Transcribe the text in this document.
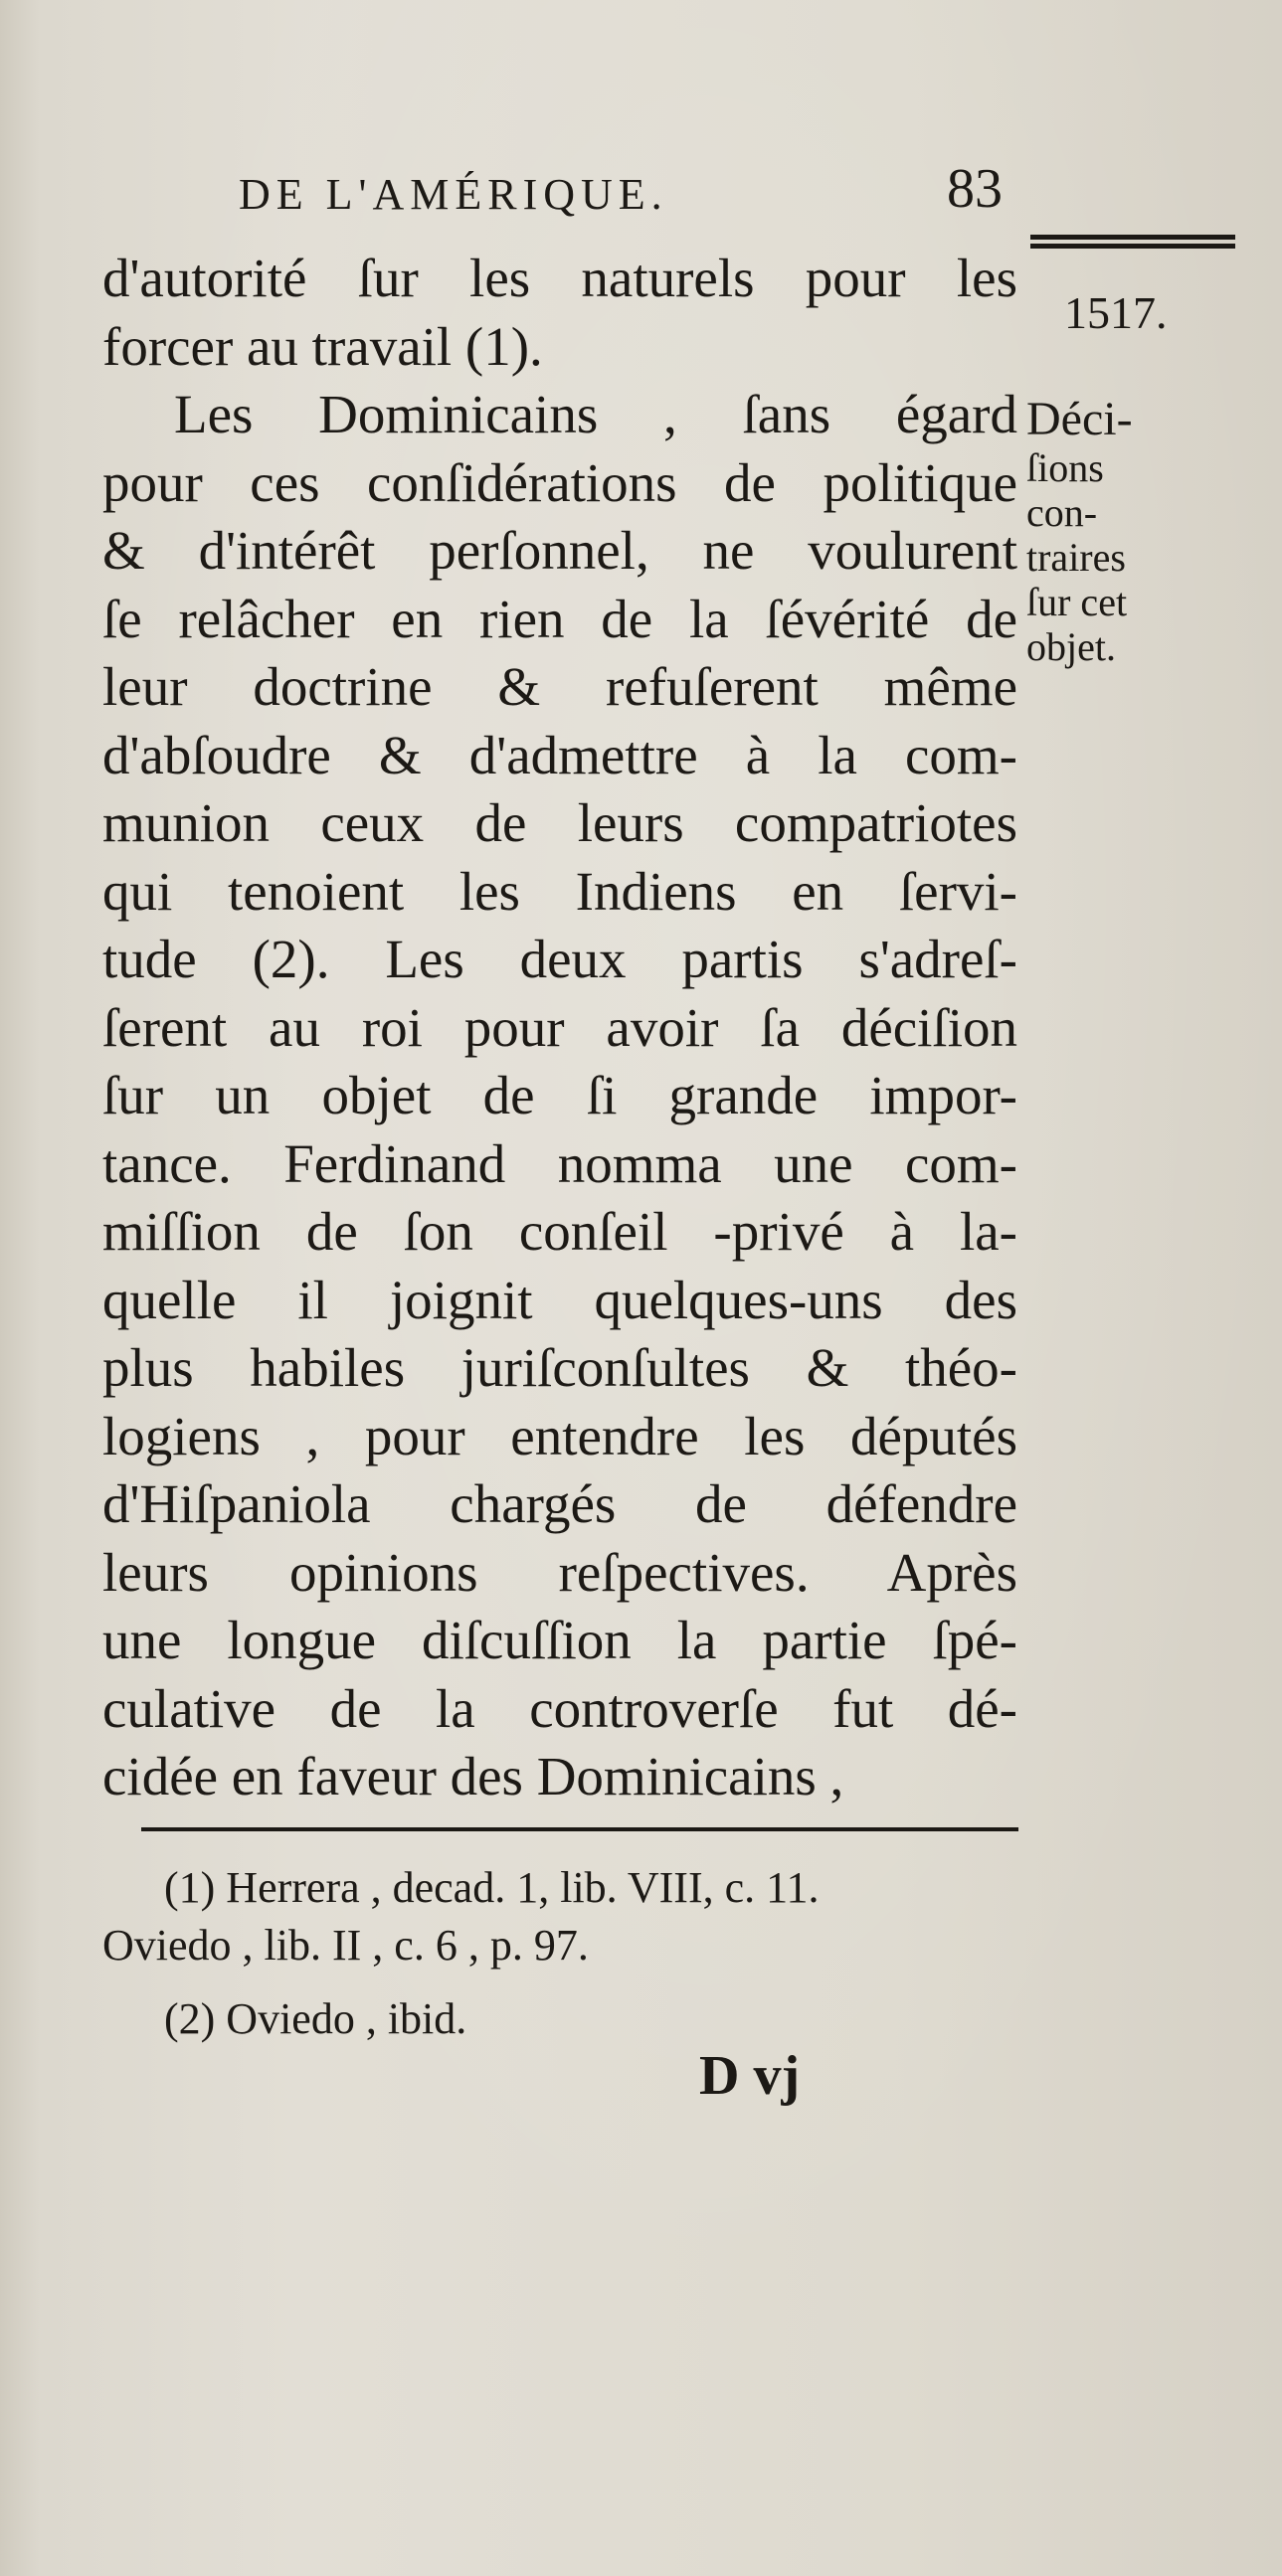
DE L'AMÉRIQUE.	83
1517.
Déci-
ſions
con-
traires
ſur cet
objet.
d'autorité ſur les naturels pour les
forcer au travail (1).
Les Dominicains , ſans égard
pour ces conſidérations de politique
& d'intérêt perſonnel, ne voulurent
ſe relâcher en rien de la ſévérité de
leur doctrine & refuſerent même
d'abſoudre & d'admettre à la com-
munion ceux de leurs compatriotes
qui tenoient les Indiens en ſervi-
tude (2). Les deux partis s'adreſ-
ſerent au roi pour avoir ſa déciſion
ſur un objet de ſi grande impor-
tance. Ferdinand nomma une com-
miſſion de ſon conſeil -privé à la-
quelle il joignit quelques-uns des
plus habiles juriſconſultes & théo-
logiens , pour entendre les députés
d'Hiſpaniola chargés de défendre
leurs opinions reſpectives. Après
une longue diſcuſſion la partie ſpé-
culative de la controverſe fut dé-
cidée en faveur des Dominicains ,
(1) Herrera , decad. 1, lib. VIII, c. 11.
Oviedo , lib. II , c. 6 , p. 97.
(2) Oviedo , ibid.
D vj
